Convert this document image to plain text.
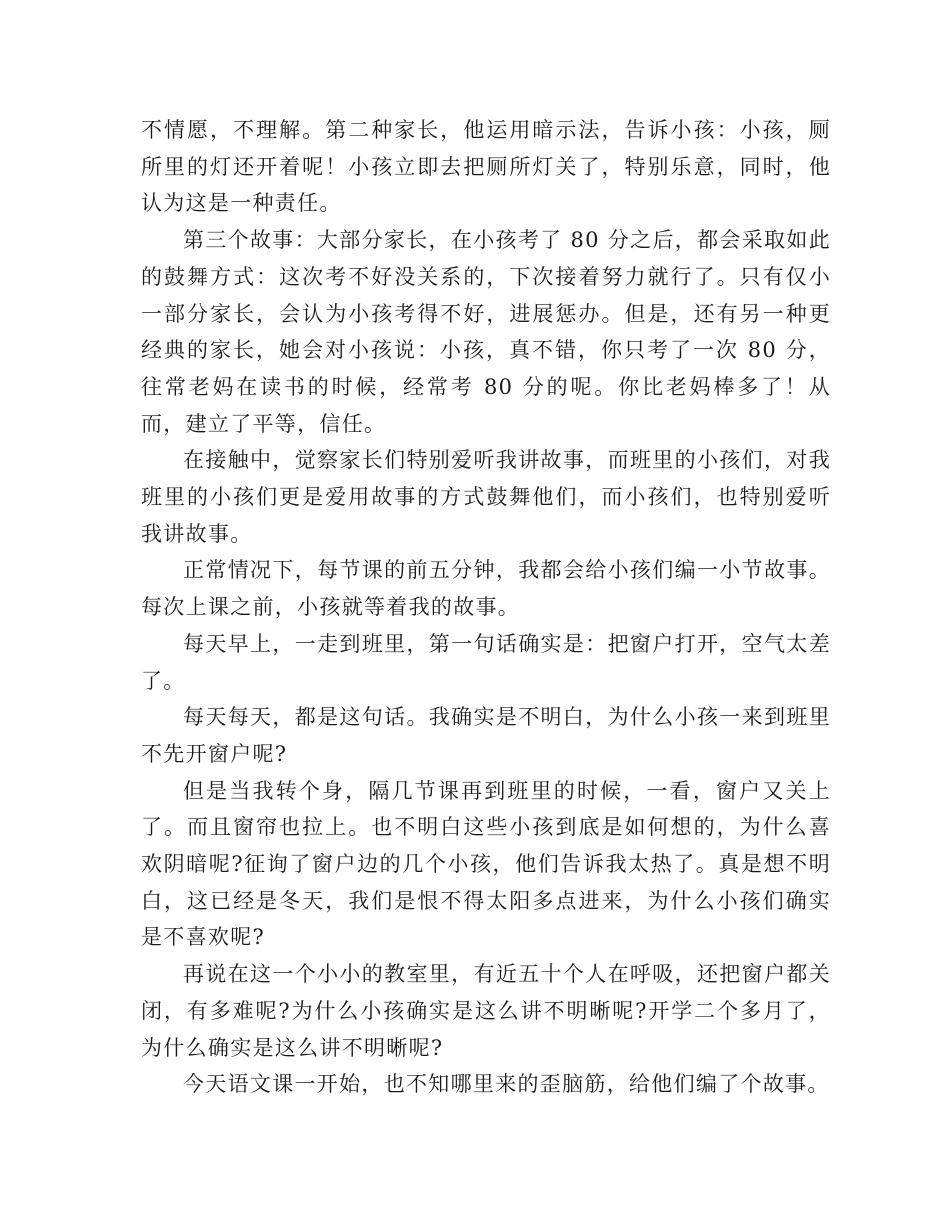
不情愿，不理解。第二种家长，他运用暗示法，告诉小孩：小孩，厕所里的灯还开着呢！小孩立即去把厕所灯关了，特别乐意，同时，他认为这是一种责任。

第三个故事：大部分家长，在小孩考了 80 分之后，都会采取如此的鼓舞方式：这次考不好没关系的，下次接着努力就行了。只有仅小一部分家长，会认为小孩考得不好，进展惩办。但是，还有另一种更经典的家长，她会对小孩说：小孩，真不错，你只考了一次 80 分，往常老妈在读书的时候，经常考 80 分的呢。你比老妈棒多了！从而，建立了平等，信任。

在接触中，觉察家长们特别爱听我讲故事，而班里的小孩们，对我班里的小孩们更是爱用故事的方式鼓舞他们，而小孩们，也特别爱听我讲故事。

正常情况下，每节课的前五分钟，我都会给小孩们编一小节故事。每次上课之前，小孩就等着我的故事。

每天早上，一走到班里，第一句话确实是：把窗户打开，空气太差了。

每天每天，都是这句话。我确实是不明白，为什么小孩一来到班里不先开窗户呢?

但是当我转个身，隔几节课再到班里的时候，一看，窗户又关上了。而且窗帘也拉上。也不明白这些小孩到底是如何想的，为什么喜欢阴暗呢?征询了窗户边的几个小孩，他们告诉我太热了。真是想不明白，这已经是冬天，我们是恨不得太阳多点进来，为什么小孩们确实是不喜欢呢?

再说在这一个小小的教室里，有近五十个人在呼吸，还把窗户都关闭，有多难呢?为什么小孩确实是这么讲不明晰呢?开学二个多月了，为什么确实是这么讲不明晰呢?

今天语文课一开始，也不知哪里来的歪脑筋，给他们编了个故事。
